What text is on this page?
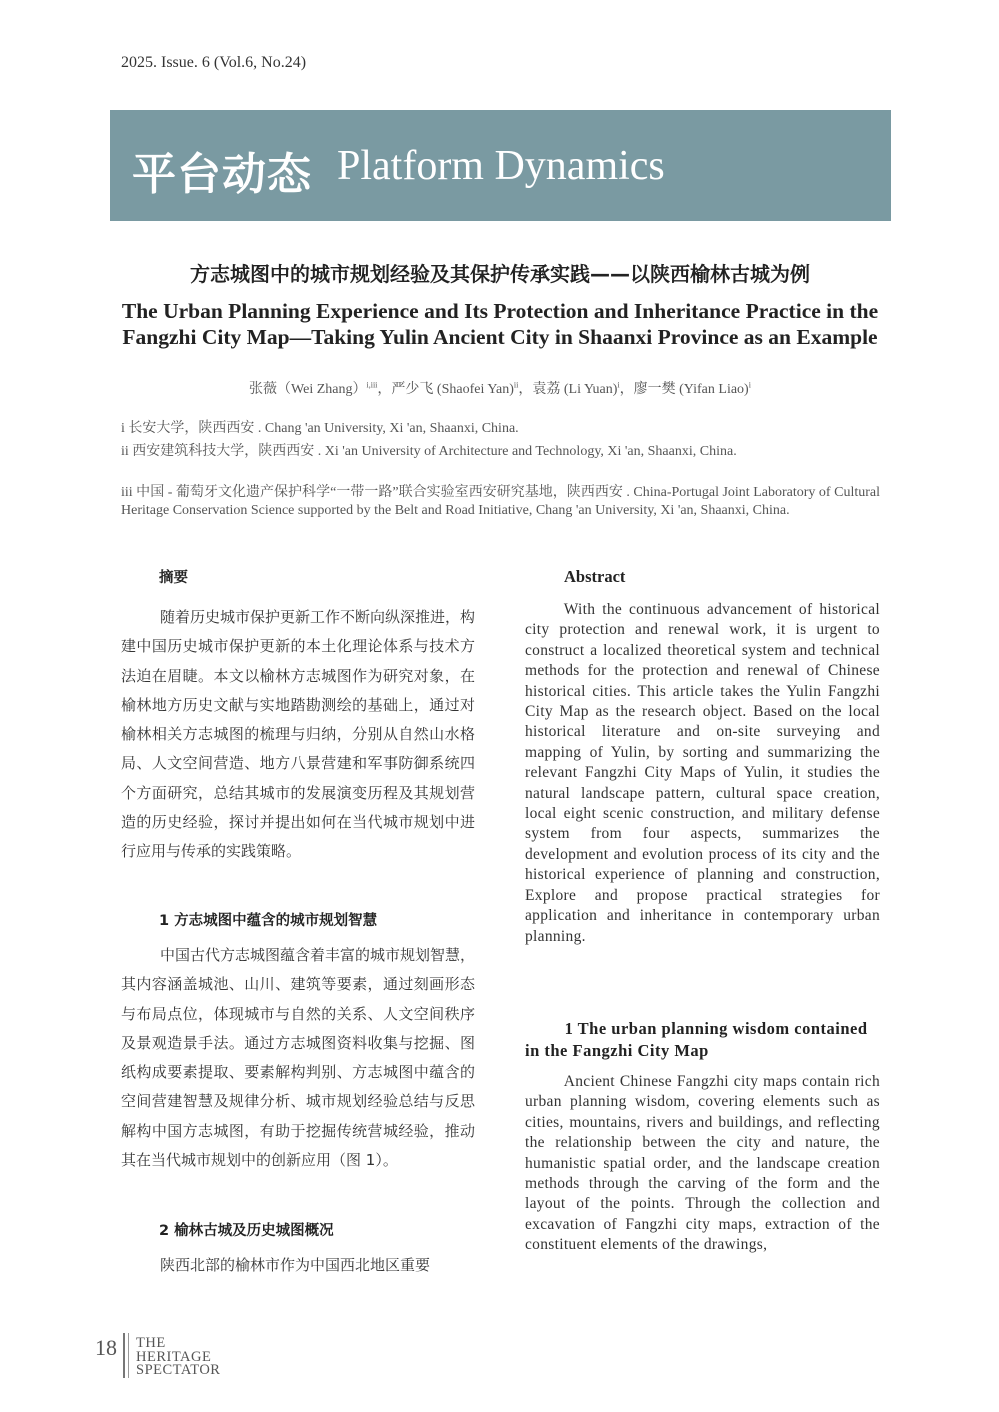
2025. Issue. 6 (Vol.6, No.24)
平台动态 Platform Dynamics
方志城图中的城市规划经验及其保护传承实践——以陕西榆林古城为例
The Urban Planning Experience and Its Protection and Inheritance Practice in the Fangzhi City Map—Taking Yulin Ancient City in Shaanxi Province as an Example
张薇（Wei Zhang）$^{i,iii}$，严少飞 (Shaofei Yan)$^{ii}$，袁荔 (Li Yuan)$^i$，廖一樊 (Yifan Liao)$^i$
i 长安大学，陕西西安 . Chang 'an University, Xi 'an, Shaanxi, China.
ii 西安建筑科技大学，陕西西安 . Xi 'an University of Architecture and Technology, Xi 'an, Shaanxi, China.
iii 中国 - 葡萄牙文化遗产保护科学“一带一路”联合实验室西安研究基地，陕西西安 . China-Portugal Joint Laboratory of Cultural Heritage Conservation Science supported by the Belt and Road Initiative, Chang 'an University, Xi 'an, Shaanxi, China.
摘要

随着历史城市保护更新工作不断向纵深推进，构建中国历史城市保护更新的本土化理论体系与技术方法迫在眉睫。本文以榆林方志城图作为研究对象，在榆林地方历史文献与实地踏勘测绘的基础上，通过对榆林相关方志城图的梳理与归纳，分别从自然山水格局、人文空间营造、地方八景营建和军事防御系统四个方面研究，总结其城市的发展演变历程及其规划营造的历史经验，探讨并提出如何在当代城市规划中进行应用与传承的实践策略。

1 方志城图中蕴含的城市规划智慧

中国古代方志城图蕴含着丰富的城市规划智慧，其内容涵盖城池、山川、建筑等要素，通过刻画形态与布局点位，体现城市与自然的关系、人文空间秩序及景观造景手法。通过方志城图资料收集与挖掘、图纸构成要素提取、要素解构判别、方志城图中蕴含的空间营建智慧及规律分析、城市规划经验总结与反思解构中国方志城图，有助于挖掘传统营城经验，推动其在当代城市规划中的创新应用（图 1）。

2 榆林古城及历史城图概况

陕西北部的榆林市作为中国西北地区重要

Abstract

With the continuous advancement of historical city protection and renewal work, it is urgent to construct a localized theoretical system and technical methods for the protection and renewal of Chinese historical cities. This article takes the Yulin Fangzhi City Map as the research object. Based on the local historical literature and on-site surveying and mapping of Yulin, by sorting and summarizing the relevant Fangzhi City Maps of Yulin, it studies the natural landscape pattern, cultural space creation, local eight scenic construction, and military defense system from four aspects, summarizes the development and evolution process of its city and the historical experience of planning and construction, Explore and propose practical strategies for application and inheritance in contemporary urban planning.

1 The urban planning wisdom contained in the Fangzhi City Map

Ancient Chinese Fangzhi city maps contain rich urban planning wisdom, covering elements such as cities, mountains, rivers and buildings, and reflecting the relationship between the city and nature, the humanistic spatial order, and the landscape creation methods through the carving of the form and the layout of the points. Through the collection and excavation of Fangzhi city maps, extraction of the constituent elements of the drawings,

18 THE
HERITAGE
SPECTATOR
